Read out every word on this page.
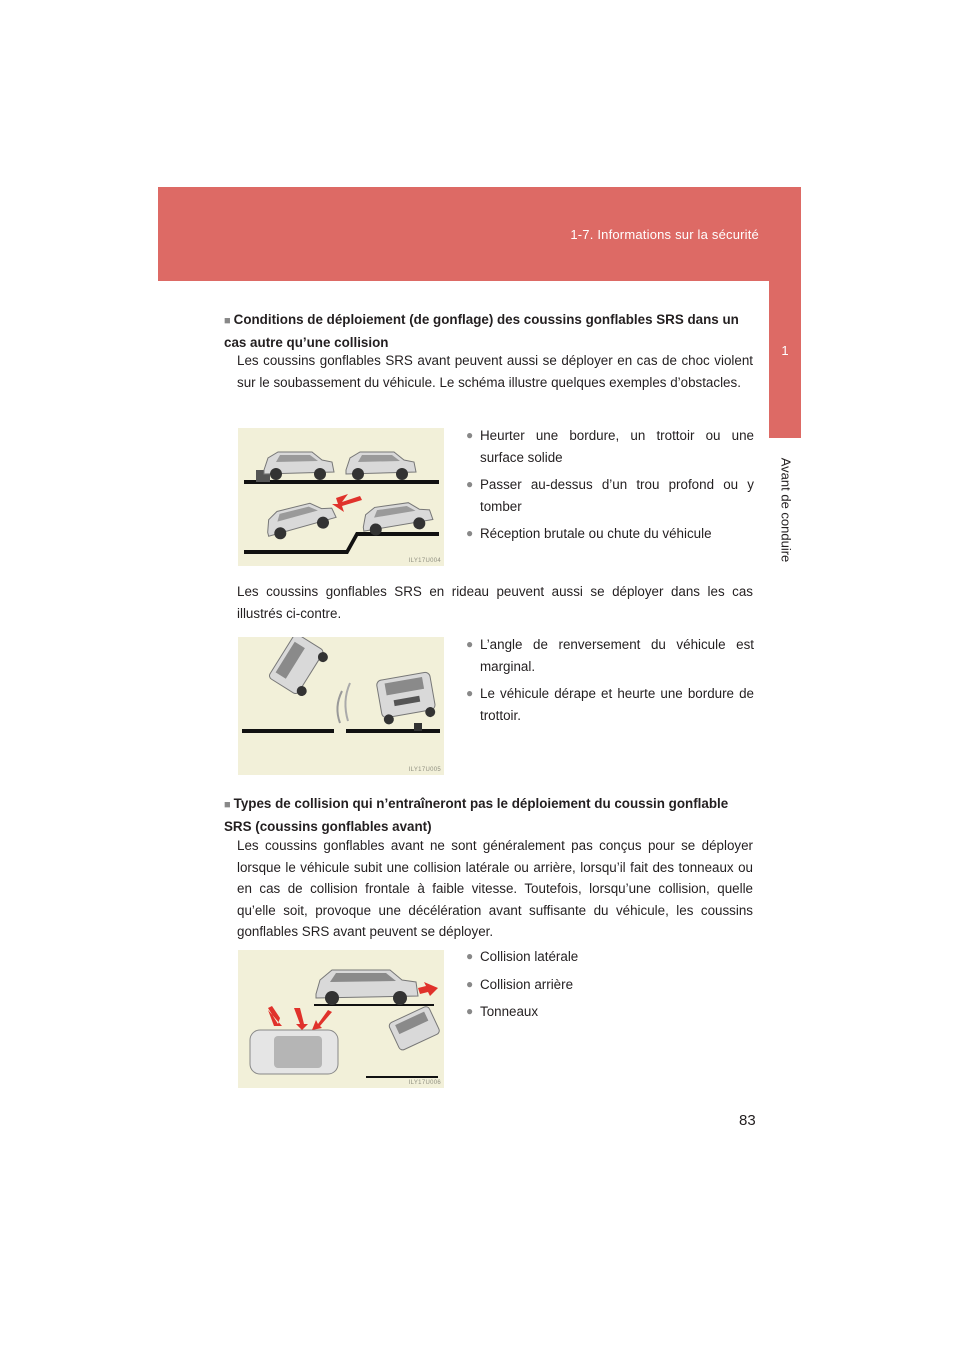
1-7. Informations sur la sécurité
1
Avant de conduire
■ Conditions de déploiement (de gonflage) des coussins gonflables SRS dans un cas autre qu’une collision
Les coussins gonflables SRS avant peuvent aussi se déployer en cas de choc violent sur le soubassement du véhicule. Le schéma illustre quelques exemples d’obstacles.
ILY17U004
● Heurter une bordure, un trottoir ou une surface solide
● Passer au-dessus d’un trou profond ou y tomber
● Réception brutale ou chute du véhicule
Les coussins gonflables SRS en rideau peuvent aussi se déployer dans les cas illustrés ci-contre.
ILY17U005
● L’angle de renversement du véhicule est marginal.
● Le véhicule dérape et heurte une bordure de trottoir.
■ Types de collision qui n’entraîneront pas le déploiement du coussin gonflable SRS (coussins gonflables avant)
Les coussins gonflables avant ne sont généralement pas conçus pour se déployer lorsque le véhicule subit une collision latérale ou arrière, lorsqu’il fait des tonneaux ou en cas de collision frontale à faible vitesse. Toutefois, lorsqu’une collision, quelle qu’elle soit, provoque une décélération avant suffisante du véhicule, les coussins gonflables SRS avant peuvent se déployer.
ILY17U006
● Collision latérale
● Collision arrière
● Tonneaux
83
